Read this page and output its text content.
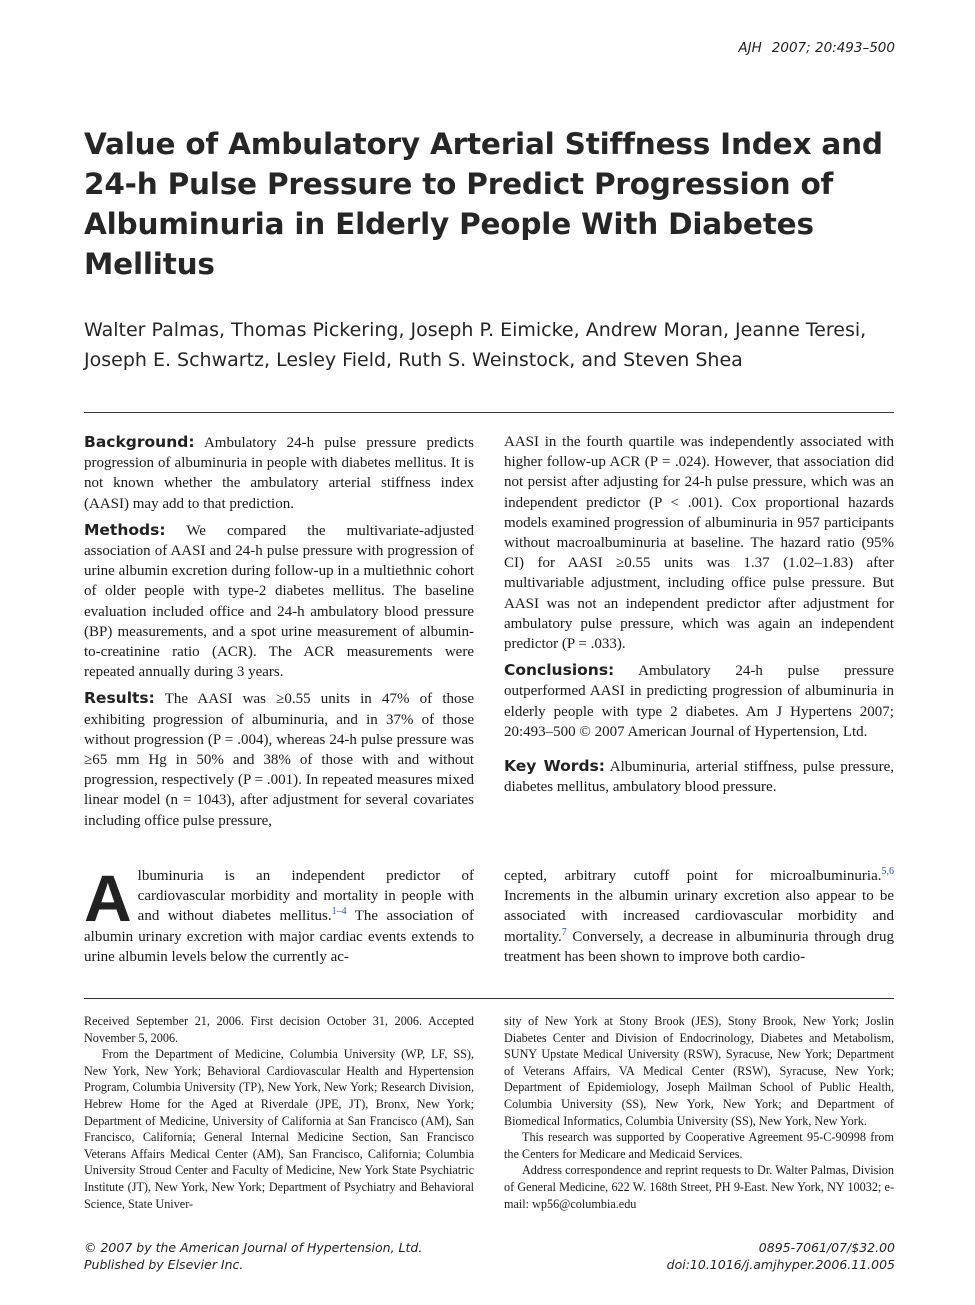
AJH 2007; 20:493–500
Value of Ambulatory Arterial Stiffness Index and 24-h Pulse Pressure to Predict Progression of Albuminuria in Elderly People With Diabetes Mellitus

Walter Palmas, Thomas Pickering, Joseph P. Eimicke, Andrew Moran, Jeanne Teresi, Joseph E. Schwartz, Lesley Field, Ruth S. Weinstock, and Steven Shea

Background: Ambulatory 24-h pulse pressure predicts progression of albuminuria in people with diabetes mellitus. It is not known whether the ambulatory arterial stiffness index (AASI) may add to that prediction.

Methods: We compared the multivariate-adjusted association of AASI and 24-h pulse pressure with progression of urine albumin excretion during follow-up in a multiethnic cohort of older people with type-2 diabetes mellitus. The baseline evaluation included office and 24-h ambulatory blood pressure (BP) measurements, and a spot urine measurement of albumin-to-creatinine ratio (ACR). The ACR measurements were repeated annually during 3 years.

Results: The AASI was ≥0.55 units in 47% of those exhibiting progression of albuminuria, and in 37% of those without progression (P = .004), whereas 24-h pulse pressure was ≥65 mm Hg in 50% and 38% of those with and without progression, respectively (P = .001). In repeated measures mixed linear model (n = 1043), after adjustment for several covariates including office pulse pressure,

AASI in the fourth quartile was independently associated with higher follow-up ACR (P = .024). However, that association did not persist after adjusting for 24-h pulse pressure, which was an independent predictor (P < .001). Cox proportional hazards models examined progression of albuminuria in 957 participants without macroalbuminuria at baseline. The hazard ratio (95% CI) for AASI ≥0.55 units was 1.37 (1.02–1.83) after multivariable adjustment, including office pulse pressure. But AASI was not an independent predictor after adjustment for ambulatory pulse pressure, which was again an independent predictor (P = .033).

Conclusions: Ambulatory 24-h pulse pressure outperformed AASI in predicting progression of albuminuria in elderly people with type 2 diabetes. Am J Hypertens 2007; 20:493–500 © 2007 American Journal of Hypertension, Ltd.

Key Words: Albuminuria, arterial stiffness, pulse pressure, diabetes mellitus, ambulatory blood pressure.

Albuminuria is an independent predictor of cardiovascular morbidity and mortality in people with and without diabetes mellitus.$^{1-4}$ The association of albumin urinary excretion with major cardiac events extends to urine albumin levels below the currently ac-

cepted, arbitrary cutoff point for microalbuminuria.$^{5,6}$ Increments in the albumin urinary excretion also appear to be associated with increased cardiovascular morbidity and mortality.$^7$ Conversely, a decrease in albuminuria through drug treatment has been shown to improve both cardio-

Received September 21, 2006. First decision October 31, 2006. Accepted November 5, 2006.

From the Department of Medicine, Columbia University (WP, LF, SS), New York, New York; Behavioral Cardiovascular Health and Hypertension Program, Columbia University (TP), New York, New York; Research Division, Hebrew Home for the Aged at Riverdale (JPE, JT), Bronx, New York; Department of Medicine, University of California at San Francisco (AM), San Francisco, California; General Internal Medicine Section, San Francisco Veterans Affairs Medical Center (AM), San Francisco, California; Columbia University Stroud Center and Faculty of Medicine, New York State Psychiatric Institute (JT), New York, New York; Department of Psychiatry and Behavioral Science, State Univer-

sity of New York at Stony Brook (JES), Stony Brook, New York; Joslin Diabetes Center and Division of Endocrinology, Diabetes and Metabolism, SUNY Upstate Medical University (RSW), Syracuse, New York; Department of Veterans Affairs, VA Medical Center (RSW), Syracuse, New York; Department of Epidemiology, Joseph Mailman School of Public Health, Columbia University (SS), New York, New York; and Department of Biomedical Informatics, Columbia University (SS), New York, New York.

This research was supported by Cooperative Agreement 95-C-90998 from the Centers for Medicare and Medicaid Services.

Address correspondence and reprint requests to Dr. Walter Palmas, Division of General Medicine, 622 W. 168th Street, PH 9-East. New York, NY 10032; e-mail: wp56@columbia.edu

© 2007 by the American Journal of Hypertension, Ltd.
Published by Elsevier Inc.
0895-7061/07/$32.00
doi:10.1016/j.amjhyper.2006.11.005
